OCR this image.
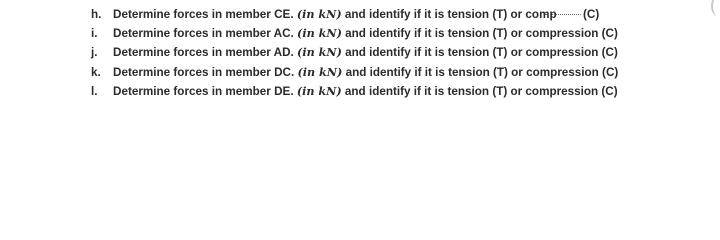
h. Determine forces in member CE. (in kN) and identify if it is tension (T) or comp	(C)
i. Determine forces in member AC. (in kN) and identify if it is tension (T) or compression (C)
j. Determine forces in member AD. (in kN) and identify if it is tension (T) or compression (C)
k. Determine forces in member DC. (in kN) and identify if it is tension (T) or compression (C)
l. Determine forces in member DE. (in kN) and identify if it is tension (T) or compression (C)
